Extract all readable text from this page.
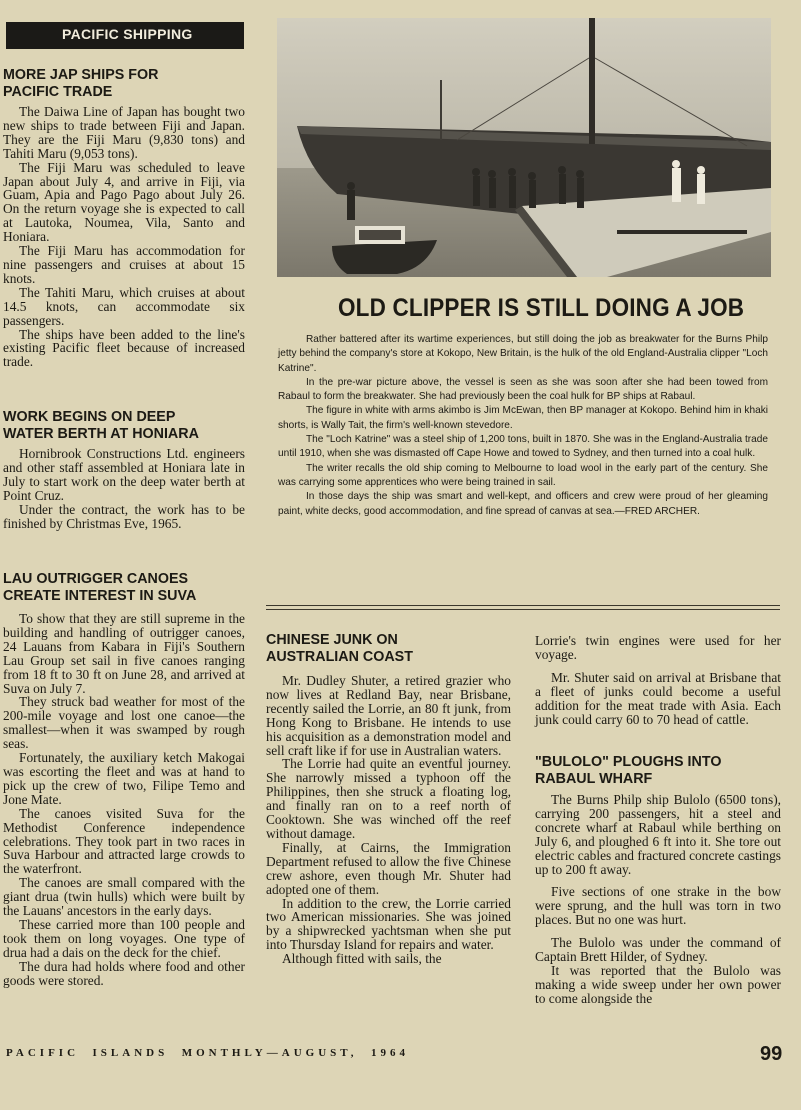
PACIFIC SHIPPING

MORE JAP SHIPS FOR

PACIFIC TRADE

The Daiwa Line of Japan has bought two new ships to trade between Fiji and Japan. They are the Fiji Maru (9,830 tons) and Tahiti Maru (9,053 tons).

The Fiji Maru was scheduled to leave Japan about July 4, and arrive in Fiji, via Guam, Apia and Pago Pago about July 26. On the return voyage she is expected to call at Lautoka, Noumea, Vila, Santo and Honiara.

The Fiji Maru has accommodation for nine passengers and cruises at about 15 knots.

The Tahiti Maru, which cruises at about 14.5 knots, can accommodate six passengers.

The ships have been added to the line's existing Pacific fleet because of increased trade.

WORK BEGINS ON DEEP

WATER BERTH AT HONIARA

Hornibrook Constructions Ltd. engineers and other staff assembled at Honiara late in July to start work on the deep water berth at Point Cruz.

Under the contract, the work has to be finished by Christmas Eve, 1965.

LAU OUTRIGGER CANOES

CREATE INTEREST IN SUVA

To show that they are still supreme in the building and handling of outrigger canoes, 24 Lauans from Kabara in Fiji's Southern Lau Group set sail in five canoes ranging from 18 ft to 30 ft on June 28, and arrived at Suva on July 7.

They struck bad weather for most of the 200-mile voyage and lost one canoe—the smallest—when it was swamped by rough seas.

Fortunately, the auxiliary ketch Makogai was escorting the fleet and was at hand to pick up the crew of two, Filipe Temo and Jone Mate.

The canoes visited Suva for the Methodist Conference independence celebrations. They took part in two races in Suva Harbour and attracted large crowds to the waterfront.

The canoes are small compared with the giant drua (twin hulls) which were built by the Lauans' ancestors in the early days.

These carried more than 100 people and took them on long voyages. One type of drua had a dais on the deck for the chief.

The dura had holds where food and other goods were stored.

OLD CLIPPER IS STILL DOING A JOB

Rather battered after its wartime experiences, but still doing the job as breakwater for the Burns Philp jetty behind the company's store at Kokopo, New Britain, is the hulk of the old England-Australia clipper "Loch Katrine".

In the pre-war picture above, the vessel is seen as she was soon after she had been towed from Rabaul to form the breakwater. She had previously been the coal hulk for BP ships at Rabaul.

The figure in white with arms akimbo is Jim McEwan, then BP manager at Kokopo. Behind him in khaki shorts, is Wally Tait, the firm's well-known stevedore.

The "Loch Katrine" was a steel ship of 1,200 tons, built in 1870. She was in the England-Australia trade until 1910, when she was dismasted off Cape Howe and towed to Sydney, and then turned into a coal hulk.

The writer recalls the old ship coming to Melbourne to load wool in the early part of the century. She was carrying some apprentices who were being trained in sail.

In those days the ship was smart and well-kept, and officers and crew were proud of her gleaming paint, white decks, good accommodation, and fine spread of canvas at sea.—FRED ARCHER.

CHINESE JUNK ON

AUSTRALIAN COAST

Mr. Dudley Shuter, a retired grazier who now lives at Redland Bay, near Brisbane, recently sailed the Lorrie, an 80 ft junk, from Hong Kong to Brisbane. He intends to use his acquisition as a demonstration model and sell craft like if for use in Australian waters.

The Lorrie had quite an eventful journey. She narrowly missed a typhoon off the Philippines, then she struck a floating log, and finally ran on to a reef north of Cooktown. She was winched off the reef without damage.

Finally, at Cairns, the Immigration Department refused to allow the five Chinese crew ashore, even though Mr. Shuter had adopted one of them.

In addition to the crew, the Lorrie carried two American missionaries. She was joined by a shipwrecked yachtsman when she put into Thursday Island for repairs and water.

Although fitted with sails, the

Lorrie's twin engines were used for her voyage.

Mr. Shuter said on arrival at Brisbane that a fleet of junks could become a useful addition for the meat trade with Asia. Each junk could carry 60 to 70 head of cattle.

"BULOLO" PLOUGHS INTO

RABAUL WHARF

The Burns Philp ship Bulolo (6500 tons), carrying 200 passengers, hit a steel and concrete wharf at Rabaul while berthing on July 6, and ploughed 6 ft into it. She tore out electric cables and fractured concrete castings up to 200 ft away.

Five sections of one strake in the bow were sprung, and the hull was torn in two places. But no one was hurt.

The Bulolo was under the command of Captain Brett Hilder, of Sydney.

It was reported that the Bulolo was making a wide sweep under her own power to come alongside the

PACIFIC  ISLANDS  MONTHLY—AUGUST,  1964	99
